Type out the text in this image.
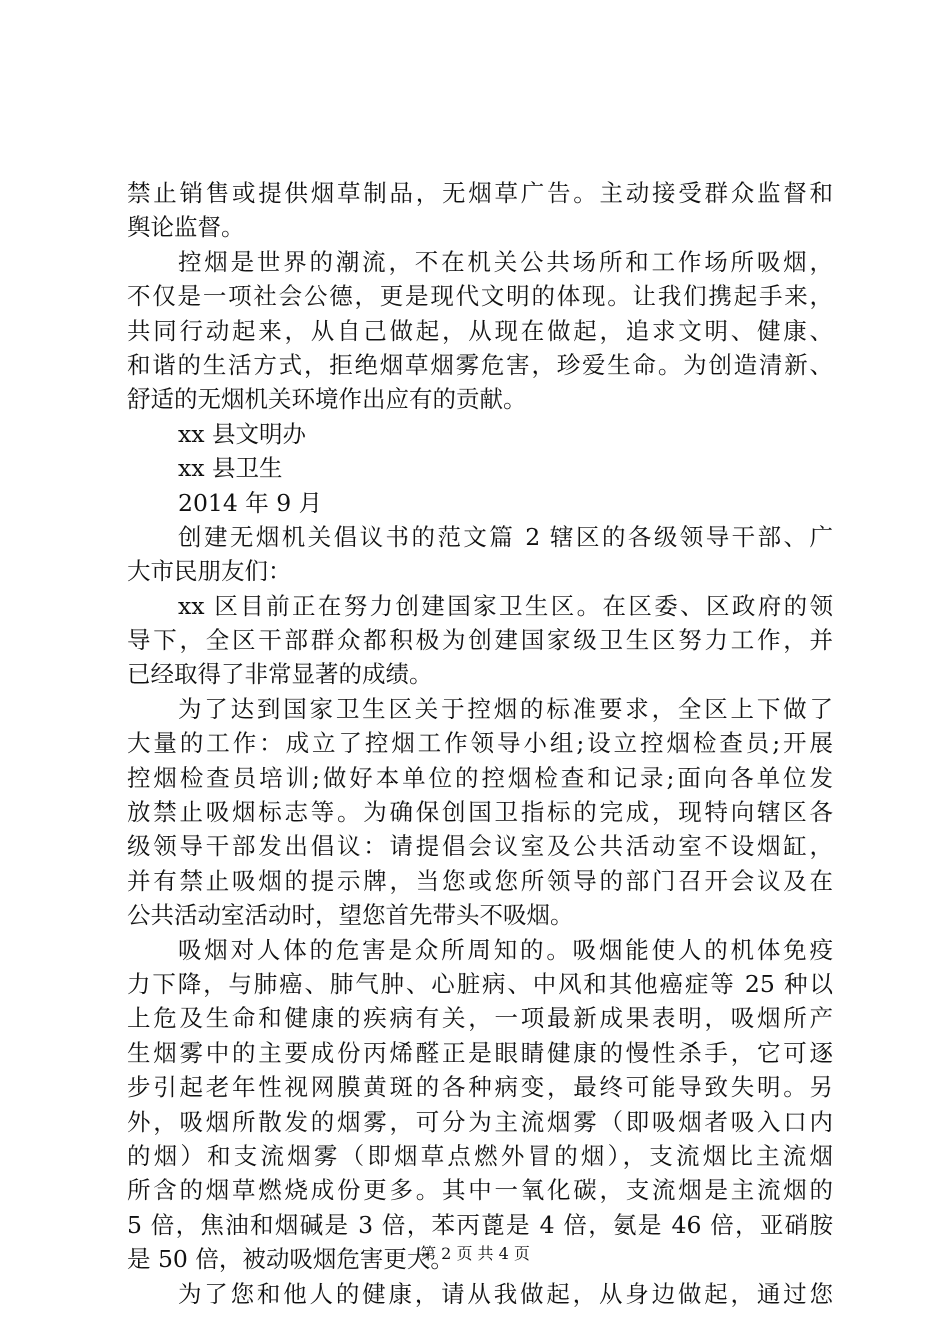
禁止销售或提供烟草制品，无烟草广告。主动接受群众监督和
舆论监督。
控烟是世界的潮流，不在机关公共场所和工作场所吸烟，
不仅是一项社会公德，更是现代文明的体现。让我们携起手来，
共同行动起来，从自己做起，从现在做起，追求文明、健康、
和谐的生活方式，拒绝烟草烟雾危害，珍爱生命。为创造清新、
舒适的无烟机关环境作出应有的贡献。
xx 县文明办
xx 县卫生
2014 年 9 月
创建无烟机关倡议书的范文篇 2 辖区的各级领导干部、广
大市民朋友们：
xx 区目前正在努力创建国家卫生区。在区委、区政府的领
导下，全区干部群众都积极为创建国家级卫生区努力工作，并
已经取得了非常显著的成绩。
为了达到国家卫生区关于控烟的标准要求，全区上下做了
大量的工作：成立了控烟工作领导小组;设立控烟检查员;开展
控烟检查员培训;做好本单位的控烟检查和记录;面向各单位发
放禁止吸烟标志等。为确保创国卫指标的完成，现特向辖区各
级领导干部发出倡议：请提倡会议室及公共活动室不设烟缸，
并有禁止吸烟的提示牌，当您或您所领导的部门召开会议及在
公共活动室活动时，望您首先带头不吸烟。
吸烟对人体的危害是众所周知的。吸烟能使人的机体免疫
力下降，与肺癌、肺气肿、心脏病、中风和其他癌症等 25 种以
上危及生命和健康的疾病有关，一项最新成果表明，吸烟所产
生烟雾中的主要成份丙烯醛正是眼睛健康的慢性杀手，它可逐
步引起老年性视网膜黄斑的各种病变，最终可能导致失明。另
外，吸烟所散发的烟雾，可分为主流烟雾（即吸烟者吸入口内
的烟）和支流烟雾（即烟草点燃外冒的烟），支流烟比主流烟
所含的烟草燃烧成份更多。其中一氧化碳，支流烟是主流烟的
5 倍，焦油和烟碱是 3 倍，苯丙蓖是 4 倍，氨是 46 倍，亚硝胺
是 50 倍，被动吸烟危害更大。
为了您和他人的健康，请从我做起，从身边做起，通过您
第 2 页 共 4 页
